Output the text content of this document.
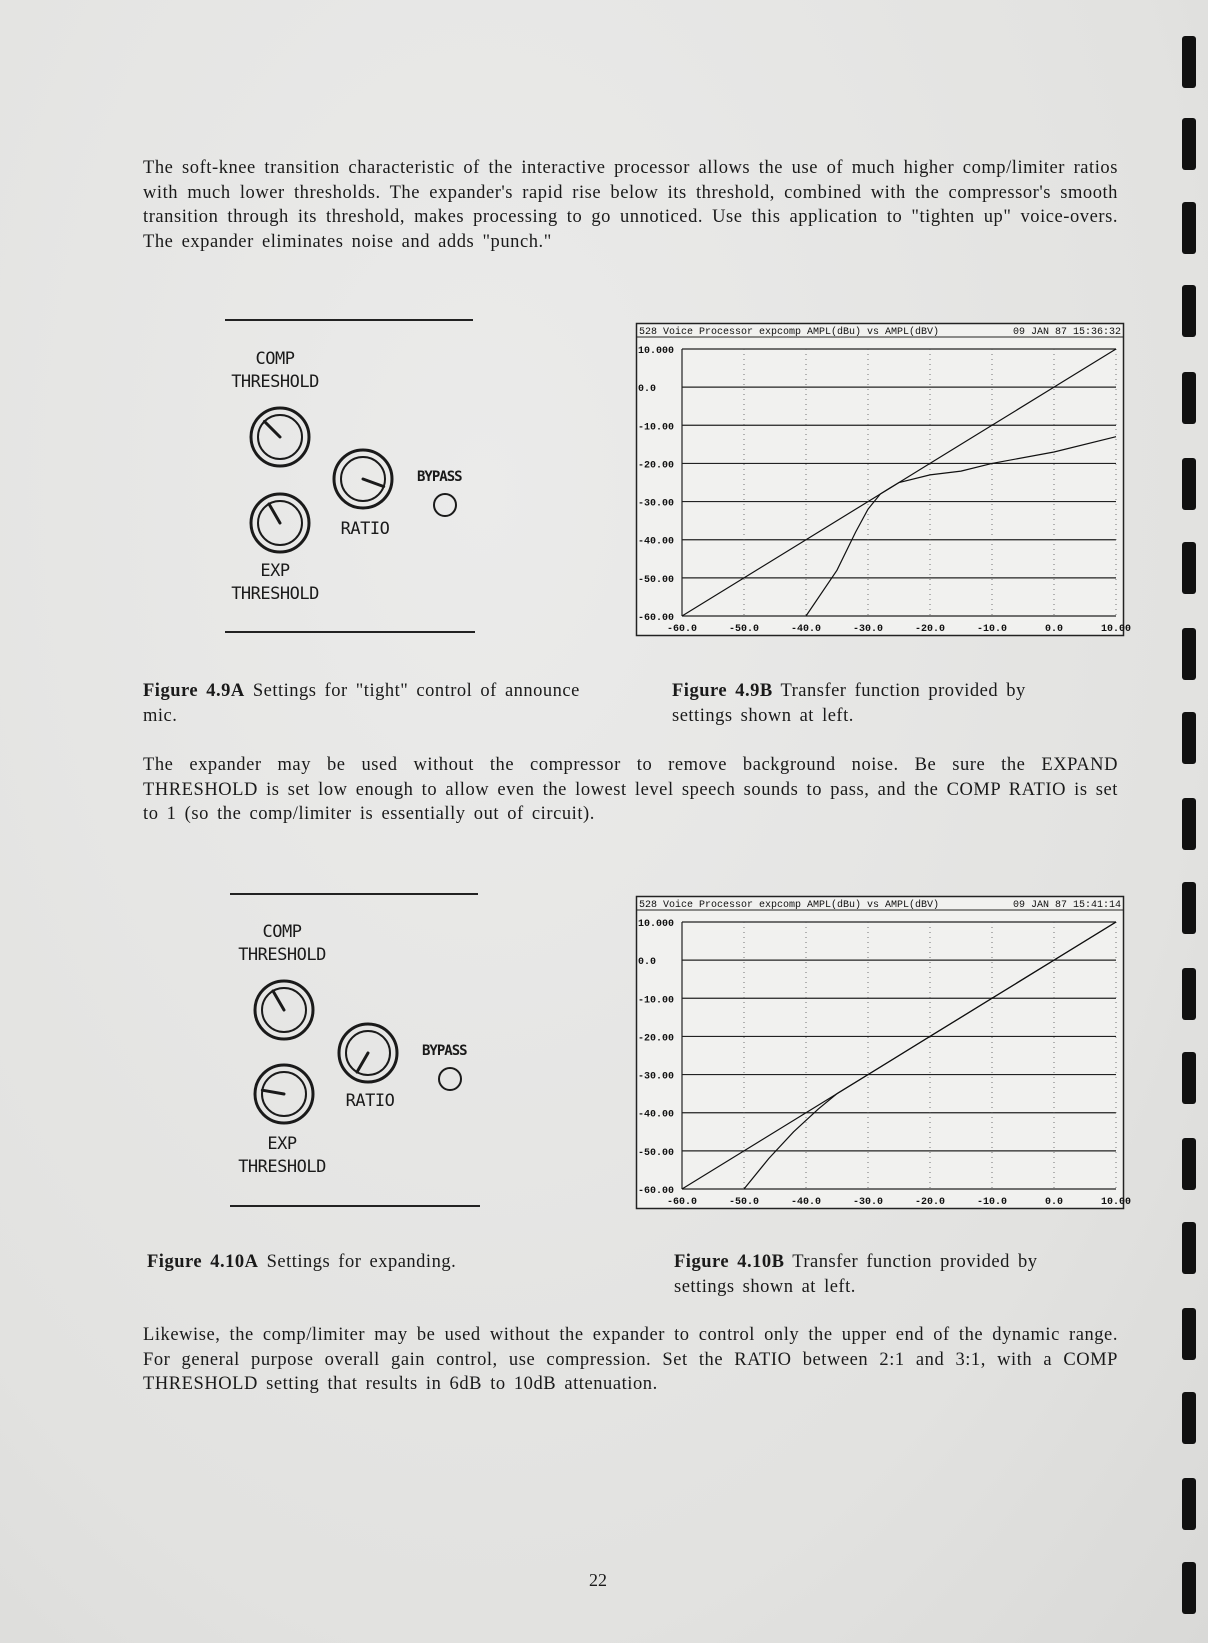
The soft-knee transition characteristic of the interactive processor allows the use of much higher comp/limiter ratios with much lower thresholds. The expander's rapid rise below its threshold, combined with the compressor's smooth transition through its threshold, makes processing to go unnoticed. Use this application to "tighten up" voice-overs. The expander eliminates noise and adds "punch."

COMP
THRESHOLD
BYPASS
RATIO
EXP
THRESHOLD
528 Voice Processor expcomp AMPL(dBu) vs AMPL(dBV)	09 JAN 87 15:36:32
10.000
0.0
-10.00
-20.00
-30.00
-40.00
-50.00
-60.00
-60.0	-50.0	-40.0	-30.0	-20.0	-10.0	0.0	10.00

Figure 4.9A Settings for "tight" control of announce mic.

Figure 4.9B Transfer function provided by settings shown at left.

The expander may be used without the compressor to remove background noise. Be sure the EXPAND THRESHOLD is set low enough to allow even the lowest level speech sounds to pass, and the COMP RATIO is set to 1 (so the comp/limiter is essentially out of circuit).

COMP
THRESHOLD
BYPASS
RATIO
EXP
THRESHOLD
528 Voice Processor expcomp AMPL(dBu) vs AMPL(dBV)	09 JAN 87 15:41:14
10.000
0.0
-10.00
-20.00
-30.00
-40.00
-50.00
-60.00
-60.0	-50.0	-40.0	-30.0	-20.0	-10.0	0.0	10.00

Figure 4.10A Settings for expanding.	Figure 4.10B Transfer function provided by settings shown at left.

Likewise, the comp/limiter may be used without the expander to control only the upper end of the dynamic range. For general purpose overall gain control, use compression. Set the RATIO between 2:1 and 3:1, with a COMP THRESHOLD setting that results in 6dB to 10dB attenuation.

22
